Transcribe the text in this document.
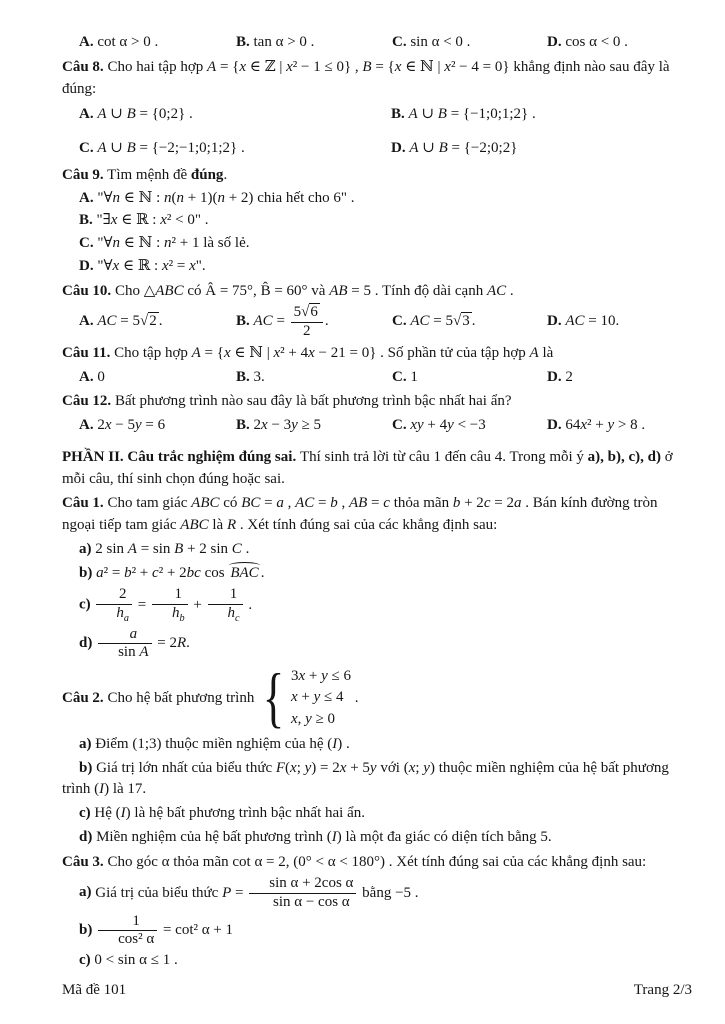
A. cot α > 0 .	B. tan α > 0 .	C. sin α < 0 .	D. cos α < 0 .
Câu 8. Cho hai tập hợp A = {x ∈ ℤ | x² − 1 ≤ 0} , B = {x ∈ ℕ | x² − 4 = 0} khẳng định nào sau đây là đúng:
A. A ∪ B = {0;2} .	B. A ∪ B = {−1;0;1;2} .
C. A ∪ B = {−2;−1;0;1;2} .	D. A ∪ B = {−2;0;2}
Câu 9. Tìm mệnh đề đúng.
A. "∀n ∈ ℕ : n(n + 1)(n + 2) chia hết cho 6" .
B. "∃x ∈ ℝ : x² < 0" .
C. "∀n ∈ ℕ : n² + 1 là số lẻ.
D. "∀x ∈ ℝ : x² = x".
Câu 10. Cho △ABC có Â = 75°, B̂ = 60° và AB = 5 . Tính độ dài cạnh AC .
A. AC = 5√2 .	B. AC = $\frac{5√6}{2}$ .	C. AC = 5√3 .	D. AC = 10.
Câu 11. Cho tập hợp A = {x ∈ ℕ | x² + 4x − 21 = 0} . Số phần tử của tập hợp A là
A. 0	B. 3.	C. 1	D. 2
Câu 12. Bất phương trình nào sau đây là bất phương trình bậc nhất hai ẩn?
A. 2x − 5y = 6	B. 2x − 3y ≥ 5	C. xy + 4y < −3	D. 64x² + y > 8 .
PHẦN II. Câu trắc nghiệm đúng sai. Thí sinh trả lời từ câu 1 đến câu 4. Trong mỗi ý a), b), c), d) ở mỗi câu, thí sinh chọn đúng hoặc sai.
Câu 1. Cho tam giác ABC có BC = a , AC = b , AB = c thỏa mãn b + 2c = 2a . Bán kính đường tròn ngoại tiếp tam giác ABC là R . Xét tính đúng sai của các khẳng định sau:
a) 2 sin A = sin B + 2 sin C .
b) a² = b² + c² + 2bc cos BAC .
$c) \frac{2}{h_a} = \frac{1}{h_b} + \frac{1}{h_c}$ .
$d) \frac{a}{\text{sin A}} = 2R$.
Câu 2. Cho hệ bất phương trình { 3x + y ≤ 6
x + y ≤ 4
x, y ≥ 0
.
a) Điểm (1;3) thuộc miền nghiệm của hệ (I) .
b) Giá trị lớn nhất của biểu thức F(x; y) = 2x + 5y với (x; y) thuộc miền nghiệm của hệ bất phương trình (I) là 17.
c) Hệ (I) là hệ bất phương trình bậc nhất hai ẩn.
d) Miền nghiệm của hệ bất phương trình (I) là một đa giác có diện tích bằng 5.
Câu 3. Cho góc α thỏa mãn cot α = 2, (0° < α < 180°) . Xét tính đúng sai của các khẳng định sau:
a) Giá trị của biểu thức $P = \frac{\text{sin α + 2cos α}}{\text{sin α − cos α}}$ bằng −5 .
$b) \frac{1}{\text{cos² α}} = \cot^2$ α + 1
c) 0 < sin α ≤ 1 .
Mã đề 101	Trang 2/3
